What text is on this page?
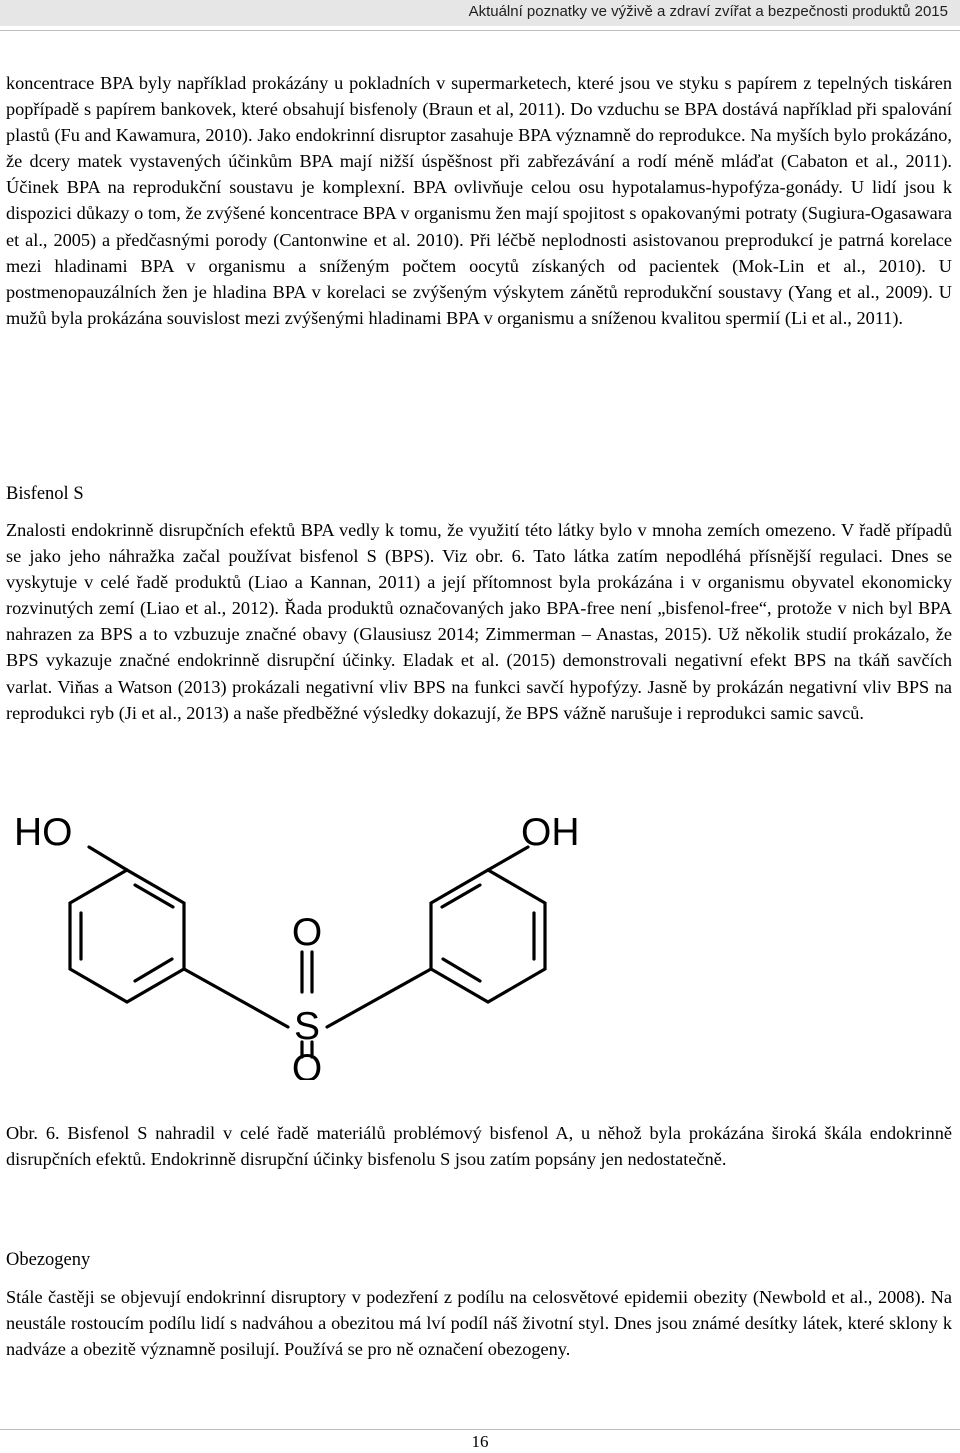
Aktuální poznatky ve výživě a zdraví zvířat a bezpečnosti produktů 2015

koncentrace BPA byly například prokázány u pokladních v supermarketech, které jsou ve styku s papírem z tepelných tiskáren popřípadě s papírem bankovek, které obsahují bisfenoly (Braun et al, 2011). Do vzduchu se BPA dostává například při spalování plastů (Fu and Kawamura, 2010). Jako endokrinní disruptor zasahuje BPA významně do reprodukce. Na myších bylo prokázáno, že dcery matek vystavených účinkům BPA mají nižší úspěšnost při zabřezávání a rodí méně mláďat (Cabaton et al., 2011). Účinek BPA na reprodukční soustavu je komplexní. BPA ovlivňuje celou osu hypotalamus-hypofýza-gonády. U lidí jsou k dispozici důkazy o tom, že zvýšené koncentrace BPA v organismu žen mají spojitost s opakovanými potraty (Sugiura-Ogasawara et al., 2005) a předčasnými porody (Cantonwine et al. 2010). Při léčbě neplodnosti asistovanou preprodukcí je patrná korelace mezi hladinami BPA v organismu a sníženým počtem oocytů získaných od pacientek (Mok-Lin et al., 2010). U postmenopauzálních žen je hladina BPA v korelaci se zvýšeným výskytem zánětů reprodukční soustavy (Yang et al., 2009). U mužů byla prokázána souvislost mezi zvýšenými hladinami BPA v organismu a sníženou kvalitou spermií (Li et al., 2011).

Bisfenol S

Znalosti endokrinně disrupčních efektů BPA vedly k tomu, že využití této látky bylo v mnoha zemích omezeno. V řadě případů se jako jeho náhražka začal používat bisfenol S (BPS). Viz obr. 6. Tato látka zatím nepodléhá přísnější regulaci. Dnes se vyskytuje v celé řadě produktů (Liao a Kannan, 2011) a její přítomnost byla prokázána i v organismu obyvatel ekonomicky rozvinutých zemí (Liao et al., 2012). Řada produktů označovaných jako BPA-free není „bisfenol-free“, protože v nich byl BPA nahrazen za BPS a to vzbuzuje značné obavy (Glausiusz 2014; Zimmerman – Anastas, 2015). Už několik studií prokázalo, že BPS vykazuje značné endokrinně disrupční účinky. Eladak et al. (2015) demonstrovali negativní efekt BPS na tkáň savčích varlat. Viňas a Watson (2013) prokázali negativní vliv BPS na funkci savčí hypofýzy. Jasně by prokázán negativní vliv BPS na reprodukci ryb (Ji et al., 2013) a naše předběžné výsledky dokazují, že BPS vážně narušuje i reprodukci samic savců.

HO	OH
O
S
O

Obr. 6. Bisfenol S nahradil v celé řadě materiálů problémový bisfenol A, u něhož byla prokázána široká škála endokrinně disrupčních efektů. Endokrinně disrupční účinky bisfenolu S jsou zatím popsány jen nedostatečně.

Obezogeny

Stále častěji se objevují endokrinní disruptory v podezření z podílu na celosvětové epidemii obezity (Newbold et al., 2008). Na neustále rostoucím podílu lidí s nadváhou a obezitou má lví podíl náš životní styl. Dnes jsou známé desítky látek, které sklony k nadváze a obezitě významně posilují. Používá se pro ně označení obezogeny.

16
